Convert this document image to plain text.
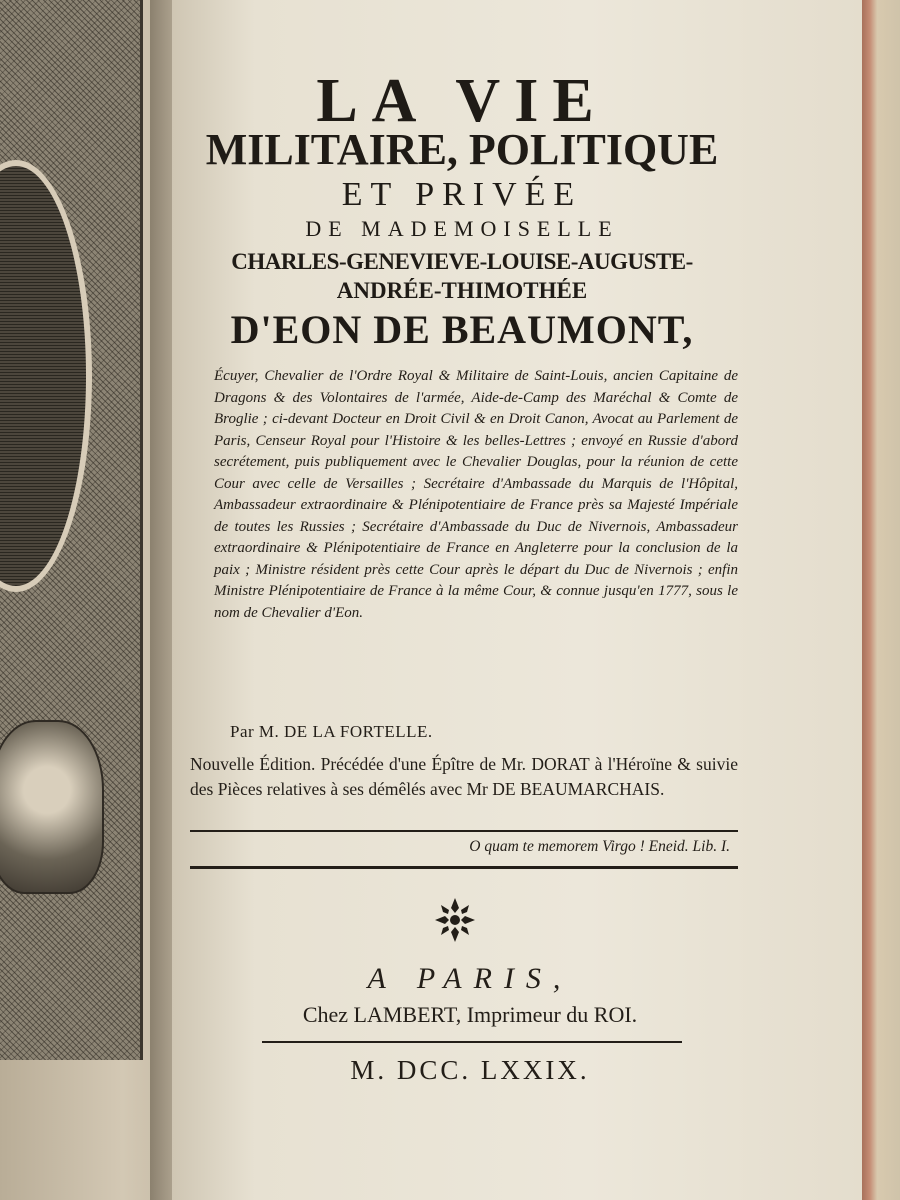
LA VIE
MILITAIRE, POLITIQUE
ET PRIVÉE
DE MADEMOISELLE
CHARLES-GENEVIEVE-LOUISE-AUGUSTE-
ANDRÉE-THIMOTHÉE
D'EON DE BEAUMONT,

Écuyer, Chevalier de l'Ordre Royal & Militaire de Saint-Louis, ancien Capitaine de Dragons & des Volontaires de l'armée, Aide-de-Camp des Maréchal & Comte de Broglie ; ci-devant Docteur en Droit Civil & en Droit Canon, Avocat au Parlement de Paris, Censeur Royal pour l'Histoire & les belles-Lettres ; envoyé en Russie d'abord secrétement, puis publiquement avec le Chevalier Douglas, pour la réunion de cette Cour avec celle de Versailles ; Secrétaire d'Ambassade du Marquis de l'Hôpital, Ambassadeur extraordinaire & Plénipotentiaire de France près sa Majesté Impériale de toutes les Russies ; Secrétaire d'Ambassade du Duc de Nivernois, Ambassadeur extraordinaire & Plénipotentiaire de France en Angleterre pour la conclusion de la paix ; Ministre résident près cette Cour après le départ du Duc de Nivernois ; enfin Ministre Plénipotentiaire de France à la même Cour, & connue jusqu'en 1777, sous le nom de Chevalier d'Eon.

Par M. DE LA FORTELLE.

Nouvelle Édition. Précédée d'une Épître de Mr. DORAT à l'Héroïne & suivie des Pièces relatives à ses démêlés avec Mr DE BEAUMARCHAIS.

O quam te memorem Virgo ! Eneid. Lib. I.
A PARIS,
Chez LAMBERT, Imprimeur du ROI.
M. DCC. LXXIX.
